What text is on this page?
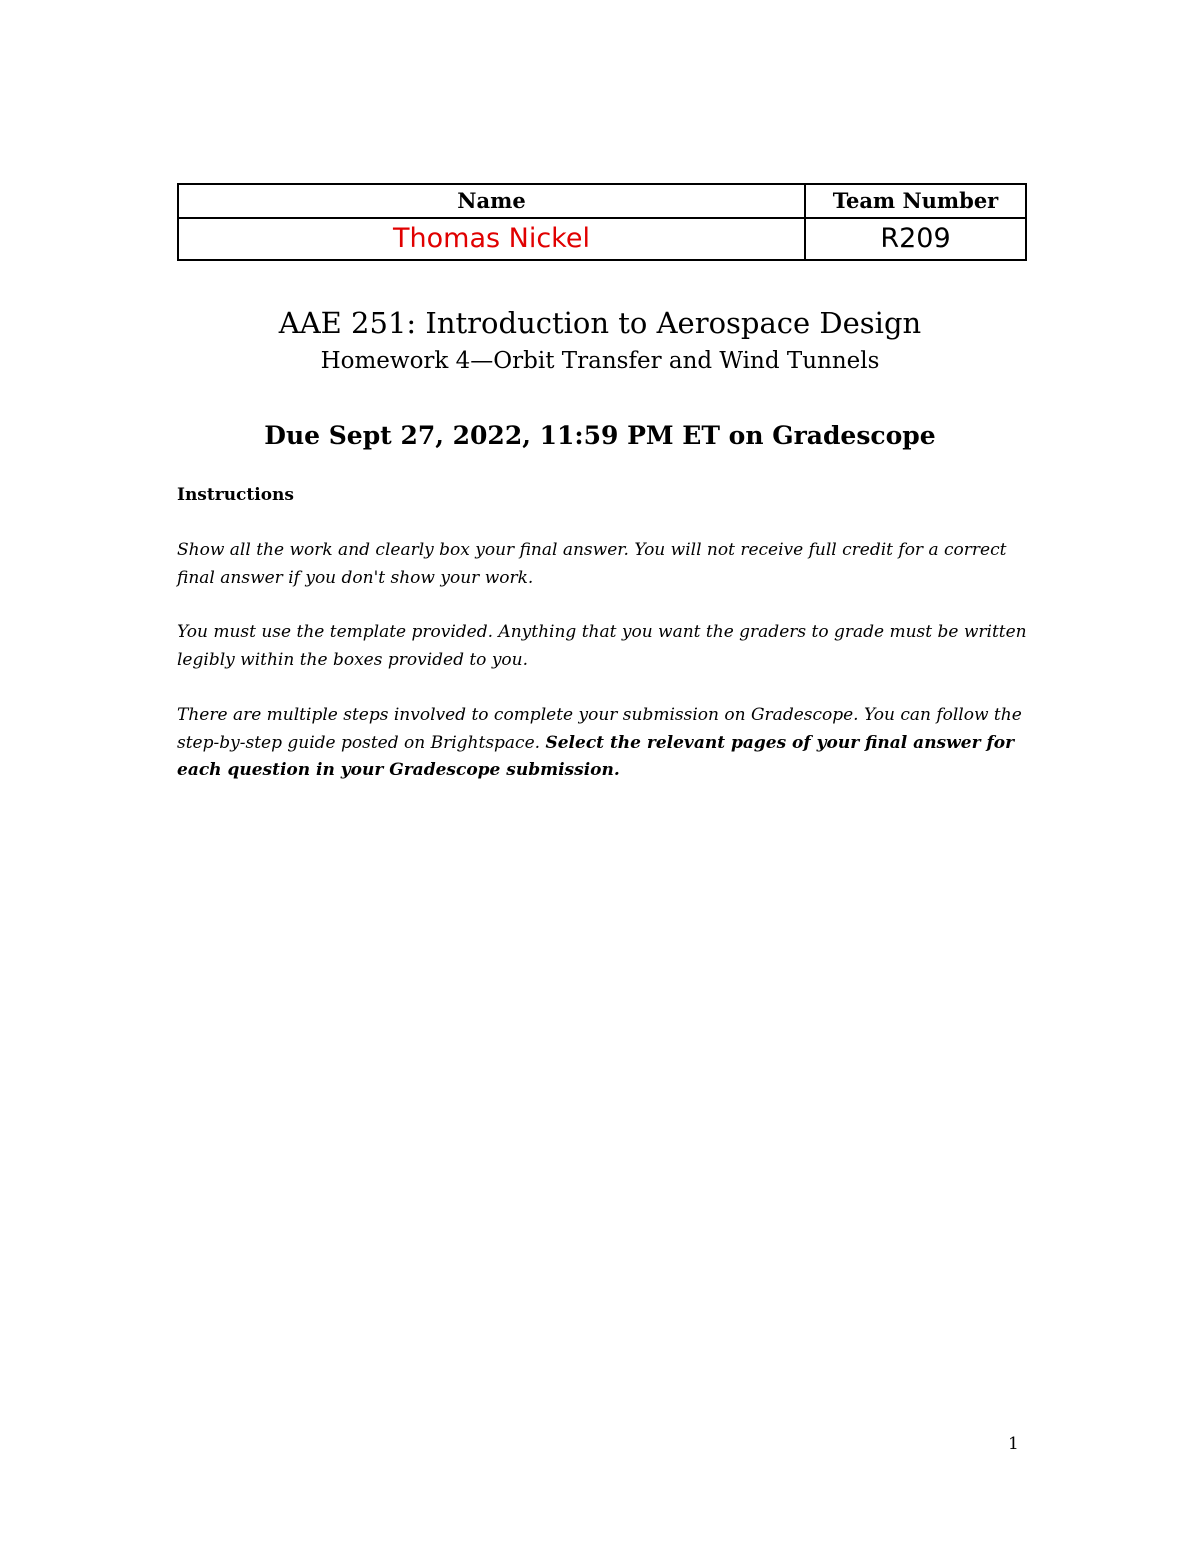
Name	Team Number
Thomas Nickel	R209
AAE 251: Introduction to Aerospace Design
Homework 4—Orbit Transfer and Wind Tunnels
Due Sept 27, 2022, 11:59 PM ET on Gradescope
Instructions
Show all the work and clearly box your final answer. You will not receive full credit for a correct final answer if you don't show your work.
You must use the template provided. Anything that you want the graders to grade must be written legibly within the boxes provided to you.
There are multiple steps involved to complete your submission on Gradescope. You can follow the step-by-step guide posted on Brightspace. Select the relevant pages of your final answer for each question in your Gradescope submission.
1
